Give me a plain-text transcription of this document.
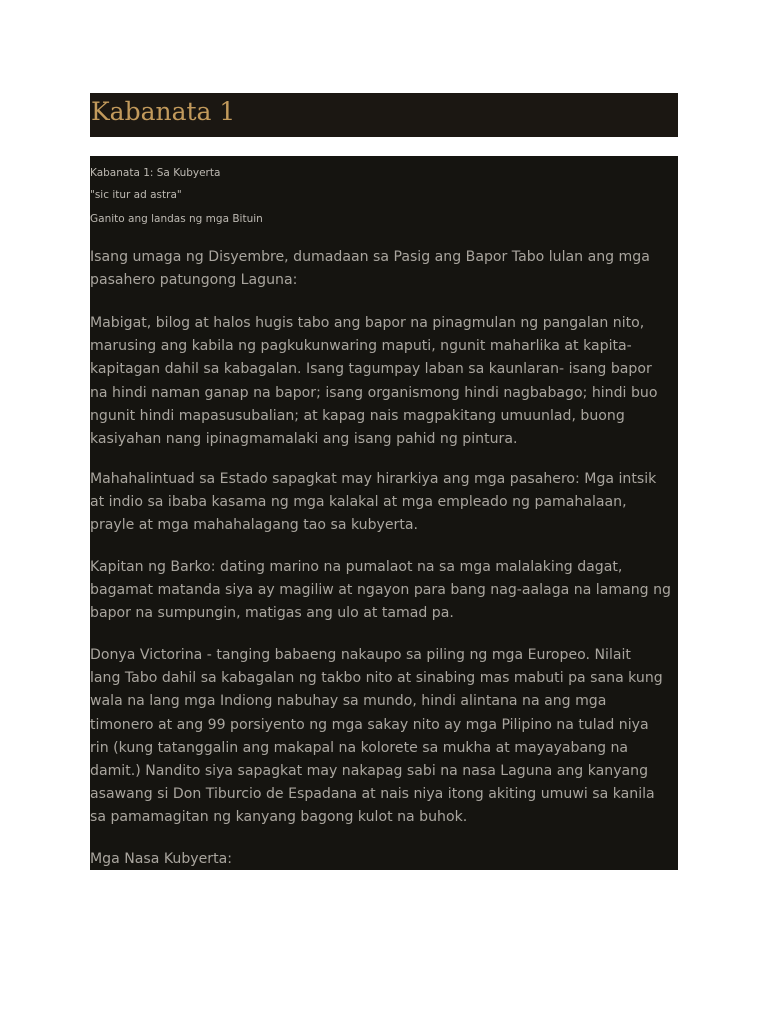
Kabanata 1

Kabanata 1: Sa Kubyerta

"sic itur ad astra"

Ganito ang landas ng mga Bituin

Isang umaga ng Disyembre, dumadaan sa Pasig ang Bapor Tabo lulan ang mga
pasahero patungong Laguna:

Mabigat, bilog at halos hugis tabo ang bapor na pinagmulan ng pangalan nito,
marusing ang kabila ng pagkukunwaring maputi, ngunit maharlika at kapita-
kapitagan dahil sa kabagalan. Isang tagumpay laban sa kaunlaran- isang bapor
na hindi naman ganap na bapor; isang organismong hindi nagbabago; hindi buo
ngunit hindi mapasusubalian; at kapag nais magpakitang umuunlad, buong
kasiyahan nang ipinagmamalaki ang isang pahid ng pintura.

Mahahalintuad sa Estado sapagkat may hirarkiya ang mga pasahero: Mga intsik
at indio sa ibaba kasama ng mga kalakal at mga empleado ng pamahalaan,
prayle at mga mahahalagang tao sa kubyerta.

Kapitan ng Barko: dating marino na pumalaot na sa mga malalaking dagat,
bagamat matanda siya ay magiliw at ngayon para bang nag-aalaga na lamang ng
bapor na sumpungin, matigas ang ulo at tamad pa.

Donya Victorina - tanging babaeng nakaupo sa piling ng mga Europeo. Nilait
lang Tabo dahil sa kabagalan ng takbo nito at sinabing mas mabuti pa sana kung
wala na lang mga Indiong nabuhay sa mundo, hindi alintana na ang mga
timonero at ang 99 porsiyento ng mga sakay nito ay mga Pilipino na tulad niya
rin (kung tatanggalin ang makapal na kolorete sa mukha at mayayabang na
damit.) Nandito siya sapagkat may nakapag sabi na nasa Laguna ang kanyang
asawang si Don Tiburcio de Espadana at nais niya itong akiting umuwi sa kanila
sa pamamagitan ng kanyang bagong kulot na buhok.

Mga Nasa Kubyerta:
